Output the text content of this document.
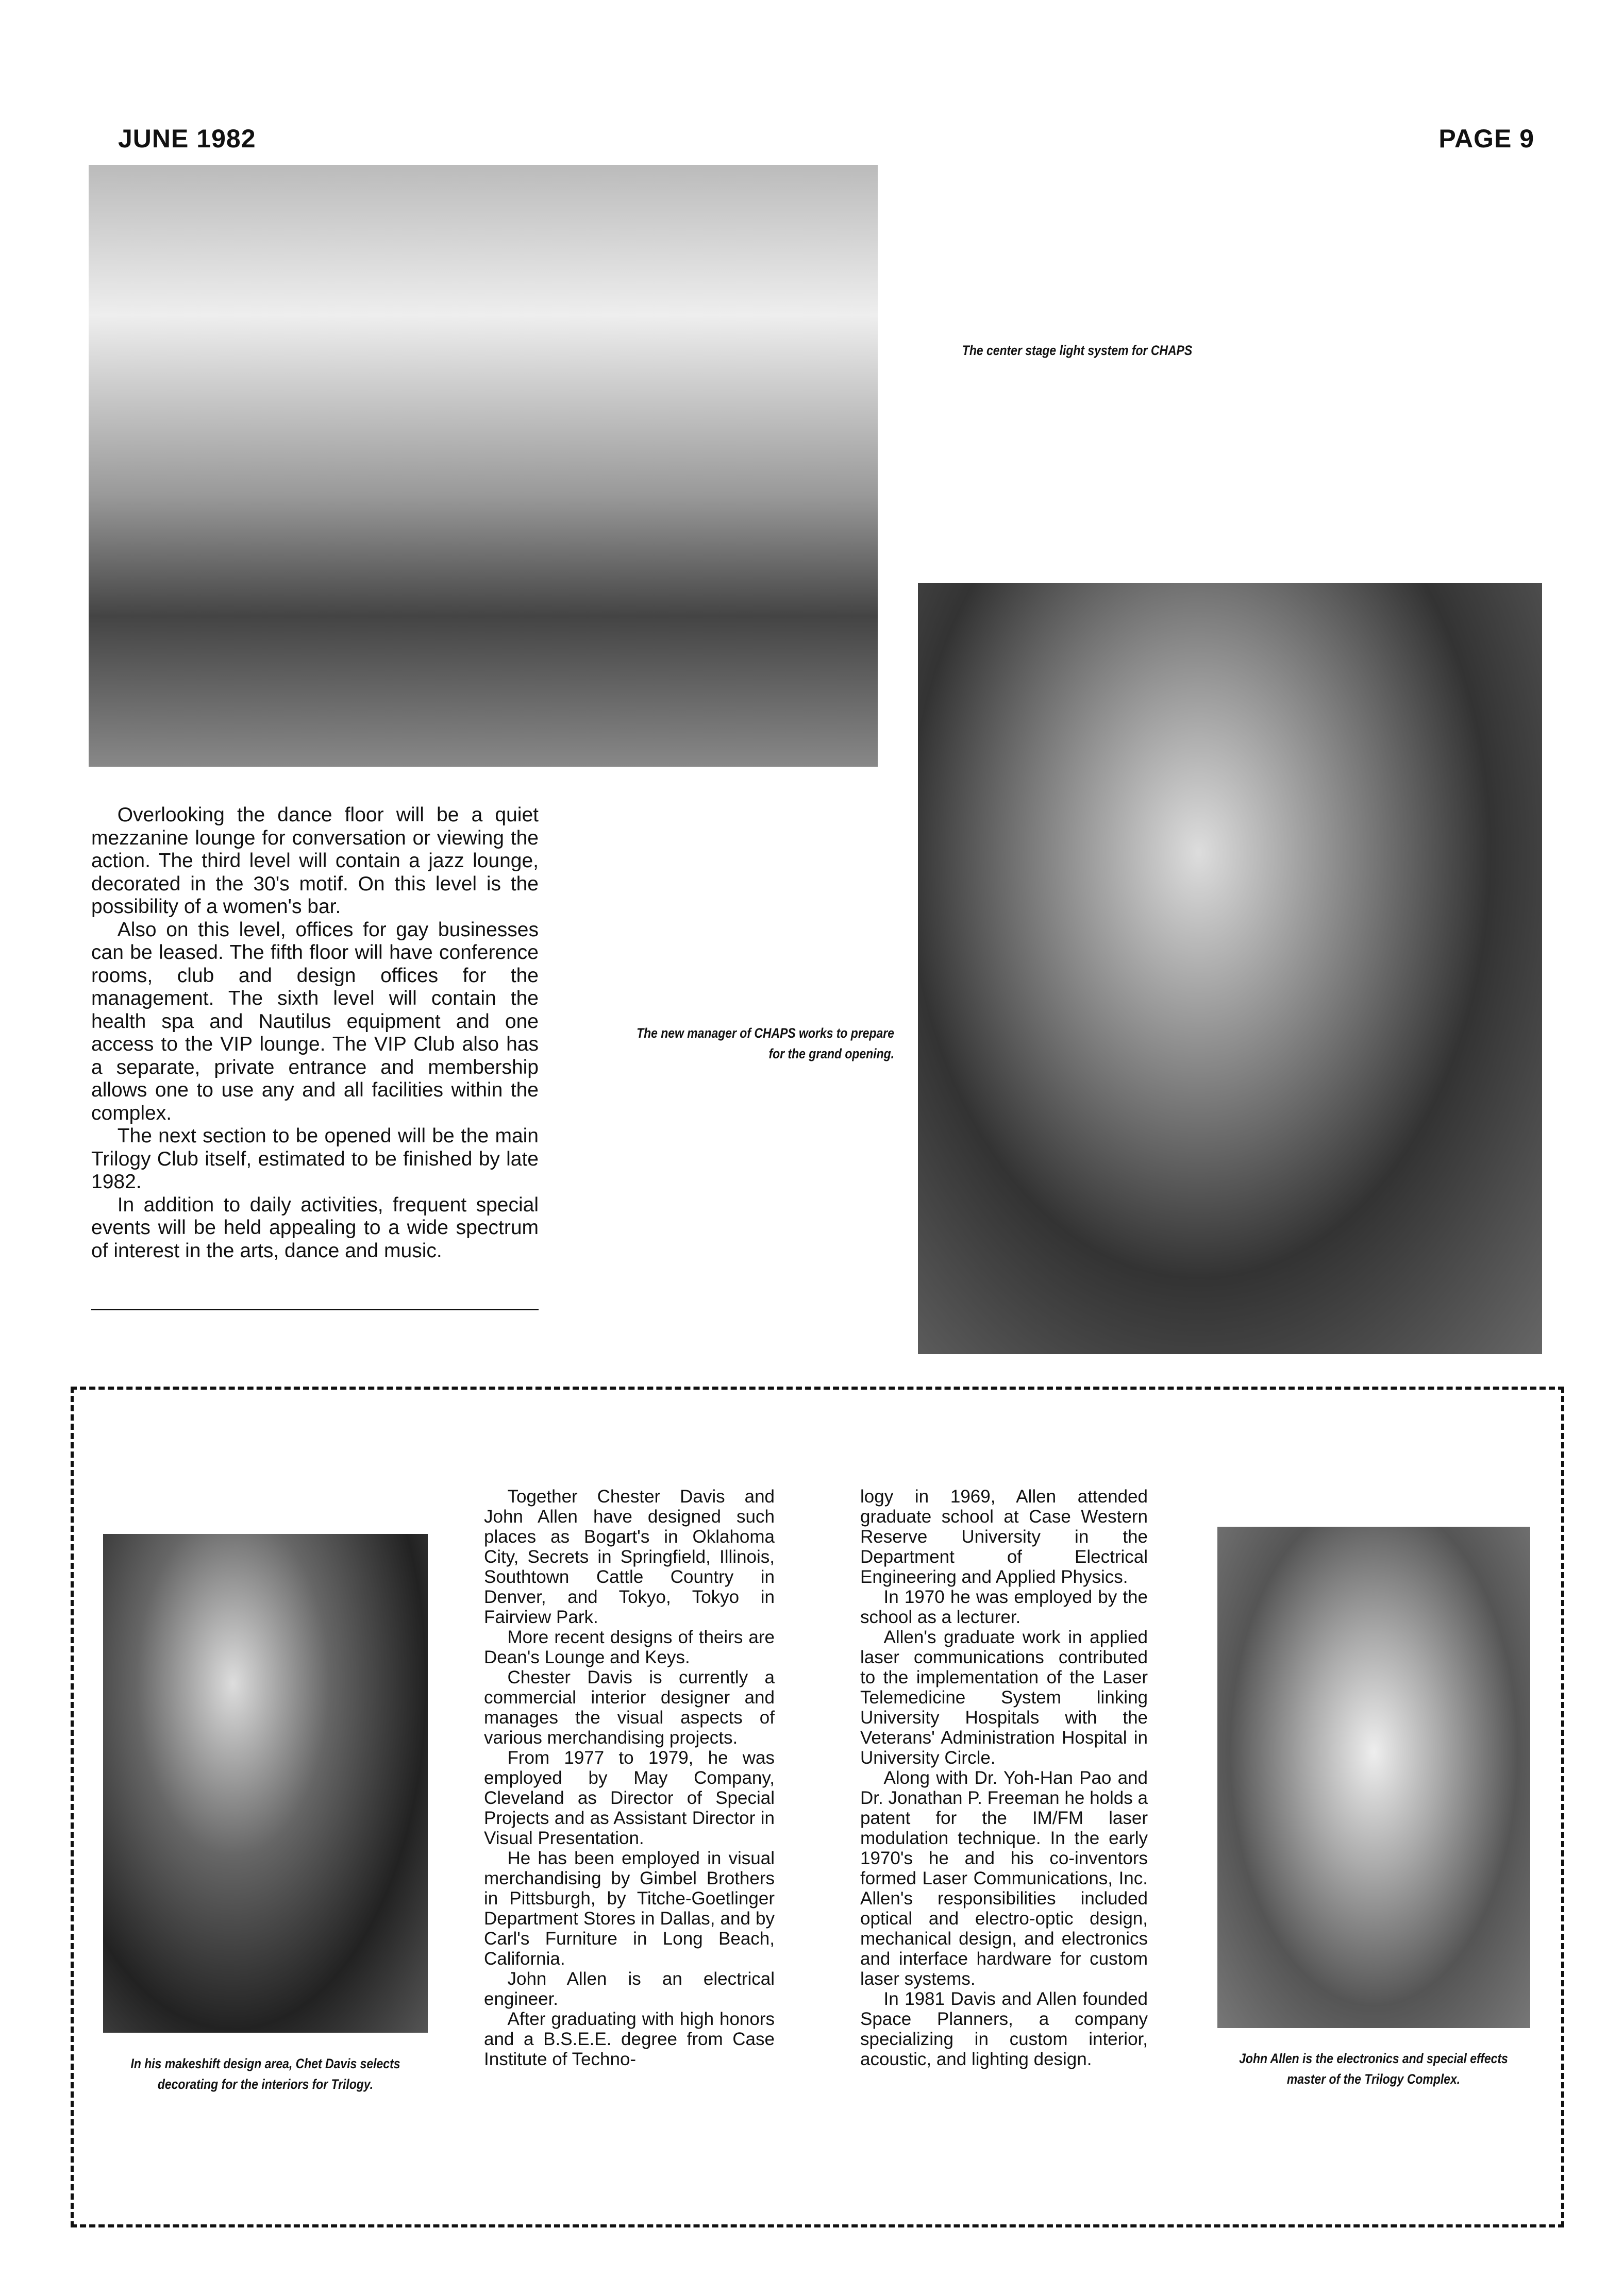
JUNE 1982	PAGE 9
The center stage light system for CHAPS
The new manager of CHAPS works to prepare for the grand opening.

Overlooking the dance floor will be a quiet mezzanine lounge for conversation or viewing the action. The third level will contain a jazz lounge, decorated in the 30's motif. On this level is the possibility of a women's bar.

Also on this level, offices for gay businesses can be leased. The fifth floor will have conference rooms, club and design offices for the management. The sixth level will contain the health spa and Nautilus equipment and one access to the VIP lounge. The VIP Club also has a separate, private entrance and membership allows one to use any and all facilities within the complex.

The next section to be opened will be the main Trilogy Club itself, estimated to be finished by late 1982.

In addition to daily activities, frequent special events will be held appealing to a wide spectrum of interest in the arts, dance and music.

In his makeshift design area, Chet Davis selects decorating for the interiors for Trilogy.

Together Chester Davis and John Allen have designed such places as Bogart's in Oklahoma City, Secrets in Springfield, Illinois, Southtown Cattle Country in Denver, and Tokyo, Tokyo in Fairview Park.

More recent designs of theirs are Dean's Lounge and Keys.

Chester Davis is currently a commercial interior designer and manages the visual aspects of various merchandising projects.

From 1977 to 1979, he was employed by May Company, Cleveland as Director of Special Projects and as Assistant Director in Visual Presentation.

He has been employed in visual merchandising by Gimbel Brothers in Pittsburgh, by Titche-Goetlinger Department Stores in Dallas, and by Carl's Furniture in Long Beach, California.

John Allen is an electrical engineer.

After graduating with high honors and a B.S.E.E. degree from Case Institute of Techno-

logy in 1969, Allen attended graduate school at Case Western Reserve University in the Department of Electrical Engineering and Applied Physics.

In 1970 he was employed by the school as a lecturer.

Allen's graduate work in applied laser communications contributed to the implementation of the Laser Telemedicine System linking University Hospitals with the Veterans' Administration Hospital in University Circle.

Along with Dr. Yoh-Han Pao and Dr. Jonathan P. Freeman he holds a patent for the IM/FM laser modulation technique. In the early 1970's he and his co-inventors formed Laser Communications, Inc. Allen's responsibilities included optical and electro-optic design, mechanical design, and electronics and interface hardware for custom laser systems.

In 1981 Davis and Allen founded Space Planners, a company specializing in custom interior, acoustic, and lighting design.	John Allen is the electronics and special effects master of the Trilogy Complex.
